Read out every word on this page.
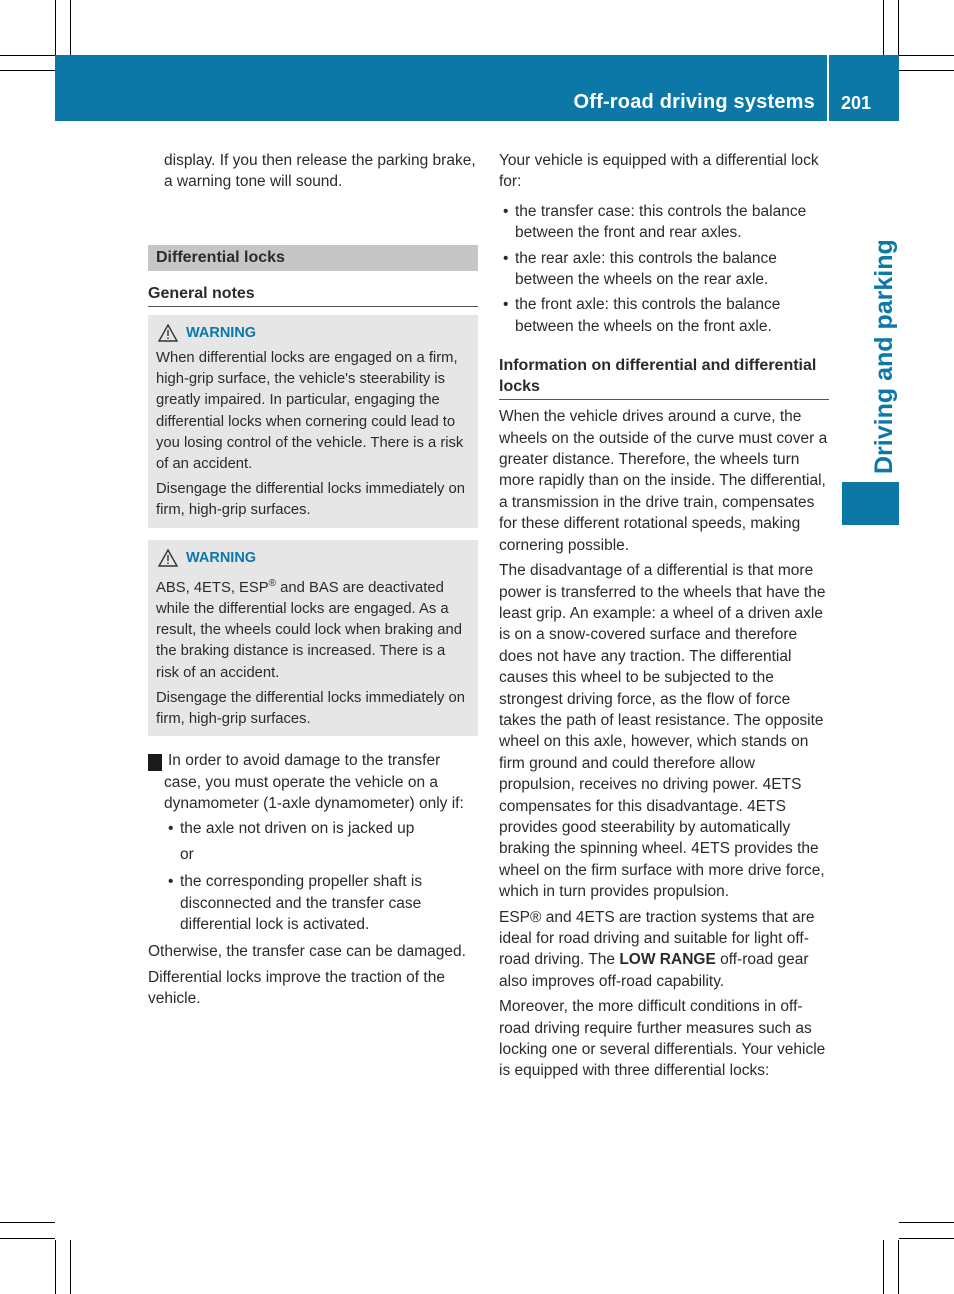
Off-road driving systems 201
Driving and parking

display. If you then release the parking brake, a warning tone will sound.

Differential locks
General notes
WARNING

When differential locks are engaged on a firm, high-grip surface, the vehicle's steerability is greatly impaired. In particular, engaging the differential locks when cornering could lead to you losing control of the vehicle. There is a risk of an accident.

Disengage the differential locks immediately on firm, high-grip surfaces.

WARNING

ABS, 4ETS, ESP® and BAS are deactivated while the differential locks are engaged. As a result, the wheels could lock when braking and the braking distance is increased. There is a risk of an accident.

Disengage the differential locks immediately on firm, high-grip surfaces.

! In order to avoid damage to the transfer case, you must operate the vehicle on a dynamometer (1-axle dynamometer) only if:

• the axle not driven on is jacked up
or
• the corresponding propeller shaft is disconnected and the transfer case differential lock is activated.

Otherwise, the transfer case can be damaged.

Differential locks improve the traction of the vehicle.

Your vehicle is equipped with a differential lock for:

• the transfer case: this controls the balance between the front and rear axles.
• the rear axle: this controls the balance between the wheels on the rear axle.
• the front axle: this controls the balance between the wheels on the front axle.
Information on differential and differential locks

When the vehicle drives around a curve, the wheels on the outside of the curve must cover a greater distance. Therefore, the wheels turn more rapidly than on the inside. The differential, a transmission in the drive train, compensates for these different rotational speeds, making cornering possible.

The disadvantage of a differential is that more power is transferred to the wheels that have the least grip. An example: a wheel of a driven axle is on a snow-covered surface and therefore does not have any traction. The differential causes this wheel to be subjected to the strongest driving force, as the flow of force takes the path of least resistance. The opposite wheel on this axle, however, which stands on firm ground and could therefore allow propulsion, receives no driving power. 4ETS compensates for this disadvantage. 4ETS provides good steerability by automatically braking the spinning wheel. 4ETS provides the wheel on the firm surface with more drive force, which in turn provides propulsion.

ESP® and 4ETS are traction systems that are ideal for road driving and suitable for light off-road driving. The LOW RANGE off-road gear also improves off-road capability.

Moreover, the more difficult conditions in off-road driving require further measures such as locking one or several differentials. Your vehicle is equipped with three differential locks:
